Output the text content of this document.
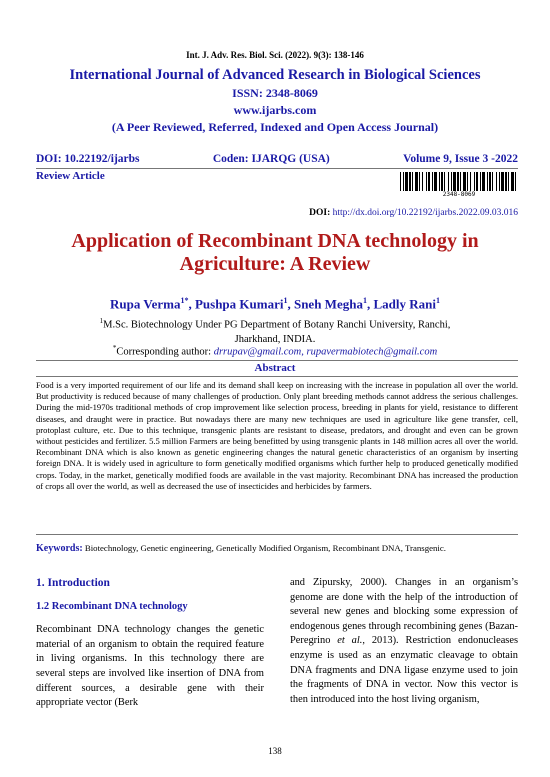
Int. J. Adv. Res. Biol. Sci. (2022). 9(3): 138-146
International Journal of Advanced Research in Biological Sciences
ISSN: 2348-8069
www.ijarbs.com
(A Peer Reviewed, Referred, Indexed and Open Access Journal)
DOI: 10.22192/ijarbs	Coden: IJARQG (USA)	Volume 9, Issue 3 -2022
Review Article
2348-8069
DOI: http://dx.doi.org/10.22192/ijarbs.2022.09.03.016
Application of Recombinant DNA technology in
Agriculture: A Review
Rupa Verma$^{1*}$, Pushpa Kumari$^1$, Sneh Megha$^1$, Ladly Rani$^1$
$^1$M.Sc. Biotechnology Under PG Department of Botany Ranchi University, Ranchi,
Jharkhand, INDIA.
*Corresponding author: drrupav@gmail.com, rupavermabiotech@gmail.com
Abstract
Food is a very imported requirement of our life and its demand shall keep on increasing with the increase in population all over the world. But productivity is reduced because of many challenges of production. Only plant breeding methods cannot address the serious challenges. During the mid-1970s traditional methods of crop improvement like selection process, breeding in plants for yield, resistance to different diseases, and draught were in practice. But nowadays there are many new techniques are used in agriculture like gene transfer, cell, protoplast culture, etc. Due to this technique, transgenic plants are resistant to disease, predators, and drought and even can be grown without pesticides and fertilizer. 5.5 million Farmers are being benefitted by using transgenic plants in 148 million acres all over the world. Recombinant DNA which is also known as genetic engineering changes the natural genetic characteristics of an organism by inserting foreign DNA. It is widely used in agriculture to form genetically modified organisms which further help to produced genetically modified crops. Today, in the market, genetically modified foods are available in the vast majority. Recombinant DNA has increased the production of crops all over the world, as well as decreased the use of insecticides and herbicides by farmers.
Keywords: Biotechnology, Genetic engineering, Genetically Modified Organism, Recombinant DNA, Transgenic.
1. Introduction
1.2 Recombinant DNA technology
Recombinant DNA technology changes the genetic material of an organism to obtain the required feature in living organisms. In this technology there are several steps are involved like insertion of DNA from different sources, a desirable gene with their appropriate vector (Berk
and Zipursky, 2000). Changes in an organism’s genome are done with the help of the introduction of several new genes and blocking some expression of endogenous genes through recombining genes (Bazan-Peregrino et al., 2013). Restriction endonucleases enzyme is used as an enzymatic cleavage to obtain DNA fragments and DNA ligase enzyme used to join the fragments of DNA in vector. Now this vector is then introduced into the host living organism,
138
